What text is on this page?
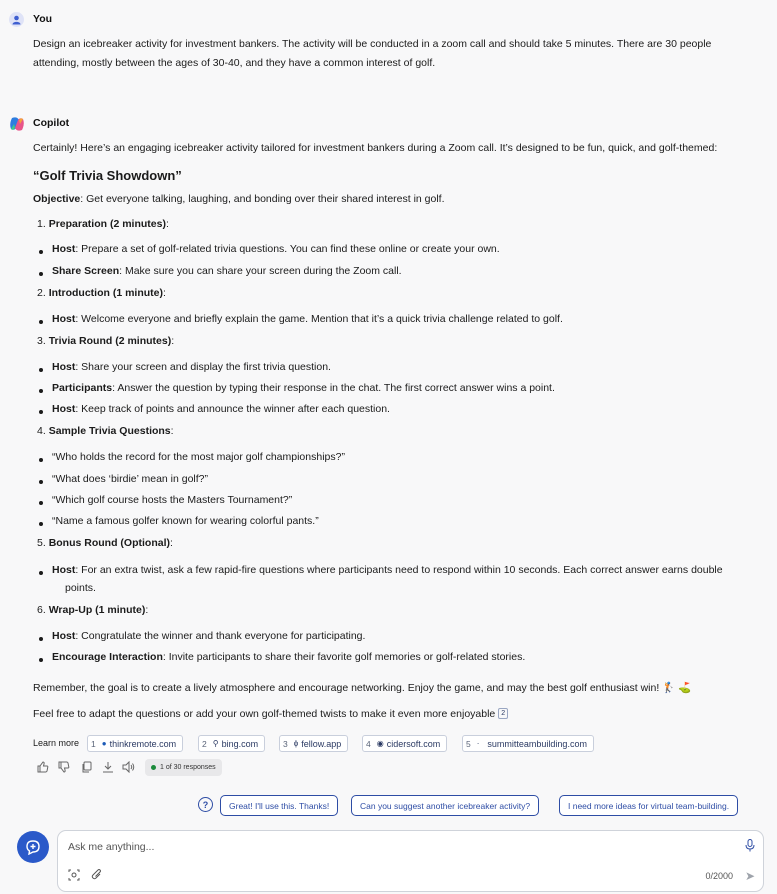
You
Design an icebreaker activity for investment bankers. The activity will be conducted in a zoom call and should take 5 minutes. There are 30 people attending, mostly between the ages of 30-40, and they have a common interest of golf.
Copilot
Certainly! Here’s an engaging icebreaker activity tailored for investment bankers during a Zoom call. It’s designed to be fun, quick, and golf-themed:
“Golf Trivia Showdown”
Objective: Get everyone talking, laughing, and bonding over their shared interest in golf.
1. Preparation (2 minutes):
Host: Prepare a set of golf-related trivia questions. You can find these online or create your own.
Share Screen: Make sure you can share your screen during the Zoom call.
2. Introduction (1 minute):
Host: Welcome everyone and briefly explain the game. Mention that it’s a quick trivia challenge related to golf.
3. Trivia Round (2 minutes):
Host: Share your screen and display the first trivia question.
Participants: Answer the question by typing their response in the chat. The first correct answer wins a point.
Host: Keep track of points and announce the winner after each question.
4. Sample Trivia Questions:
“Who holds the record for the most major golf championships?”
“What does ‘birdie’ mean in golf?”
“Which golf course hosts the Masters Tournament?”
“Name a famous golfer known for wearing colorful pants.”
5. Bonus Round (Optional):
Host: For an extra twist, ask a few rapid-fire questions where participants need to respond within 10 seconds. Each correct answer earns double
points.
6. Wrap-Up (1 minute):
Host: Congratulate the winner and thank everyone for participating.
Encourage Interaction: Invite participants to share their favorite golf memories or golf-related stories.
Remember, the goal is to create a lively atmosphere and encourage networking. Enjoy the game, and may the best golf enthusiast win! 🏌️ ⛳
Feel free to adapt the questions or add your own golf-themed twists to make it even more enjoyable 2
Learn more 1 ● thinkremote.com	2 ⚲ bing.com	3 ϕ fellow.app	4 ◉ cidersoft.com	5 · summitteambuilding.com
1 of 30 responses
?	Great! I'll use this. Thanks!	Can you suggest another icebreaker activity?	I need more ideas for virtual team-building.
Ask me anything...
0/2000 ➤
